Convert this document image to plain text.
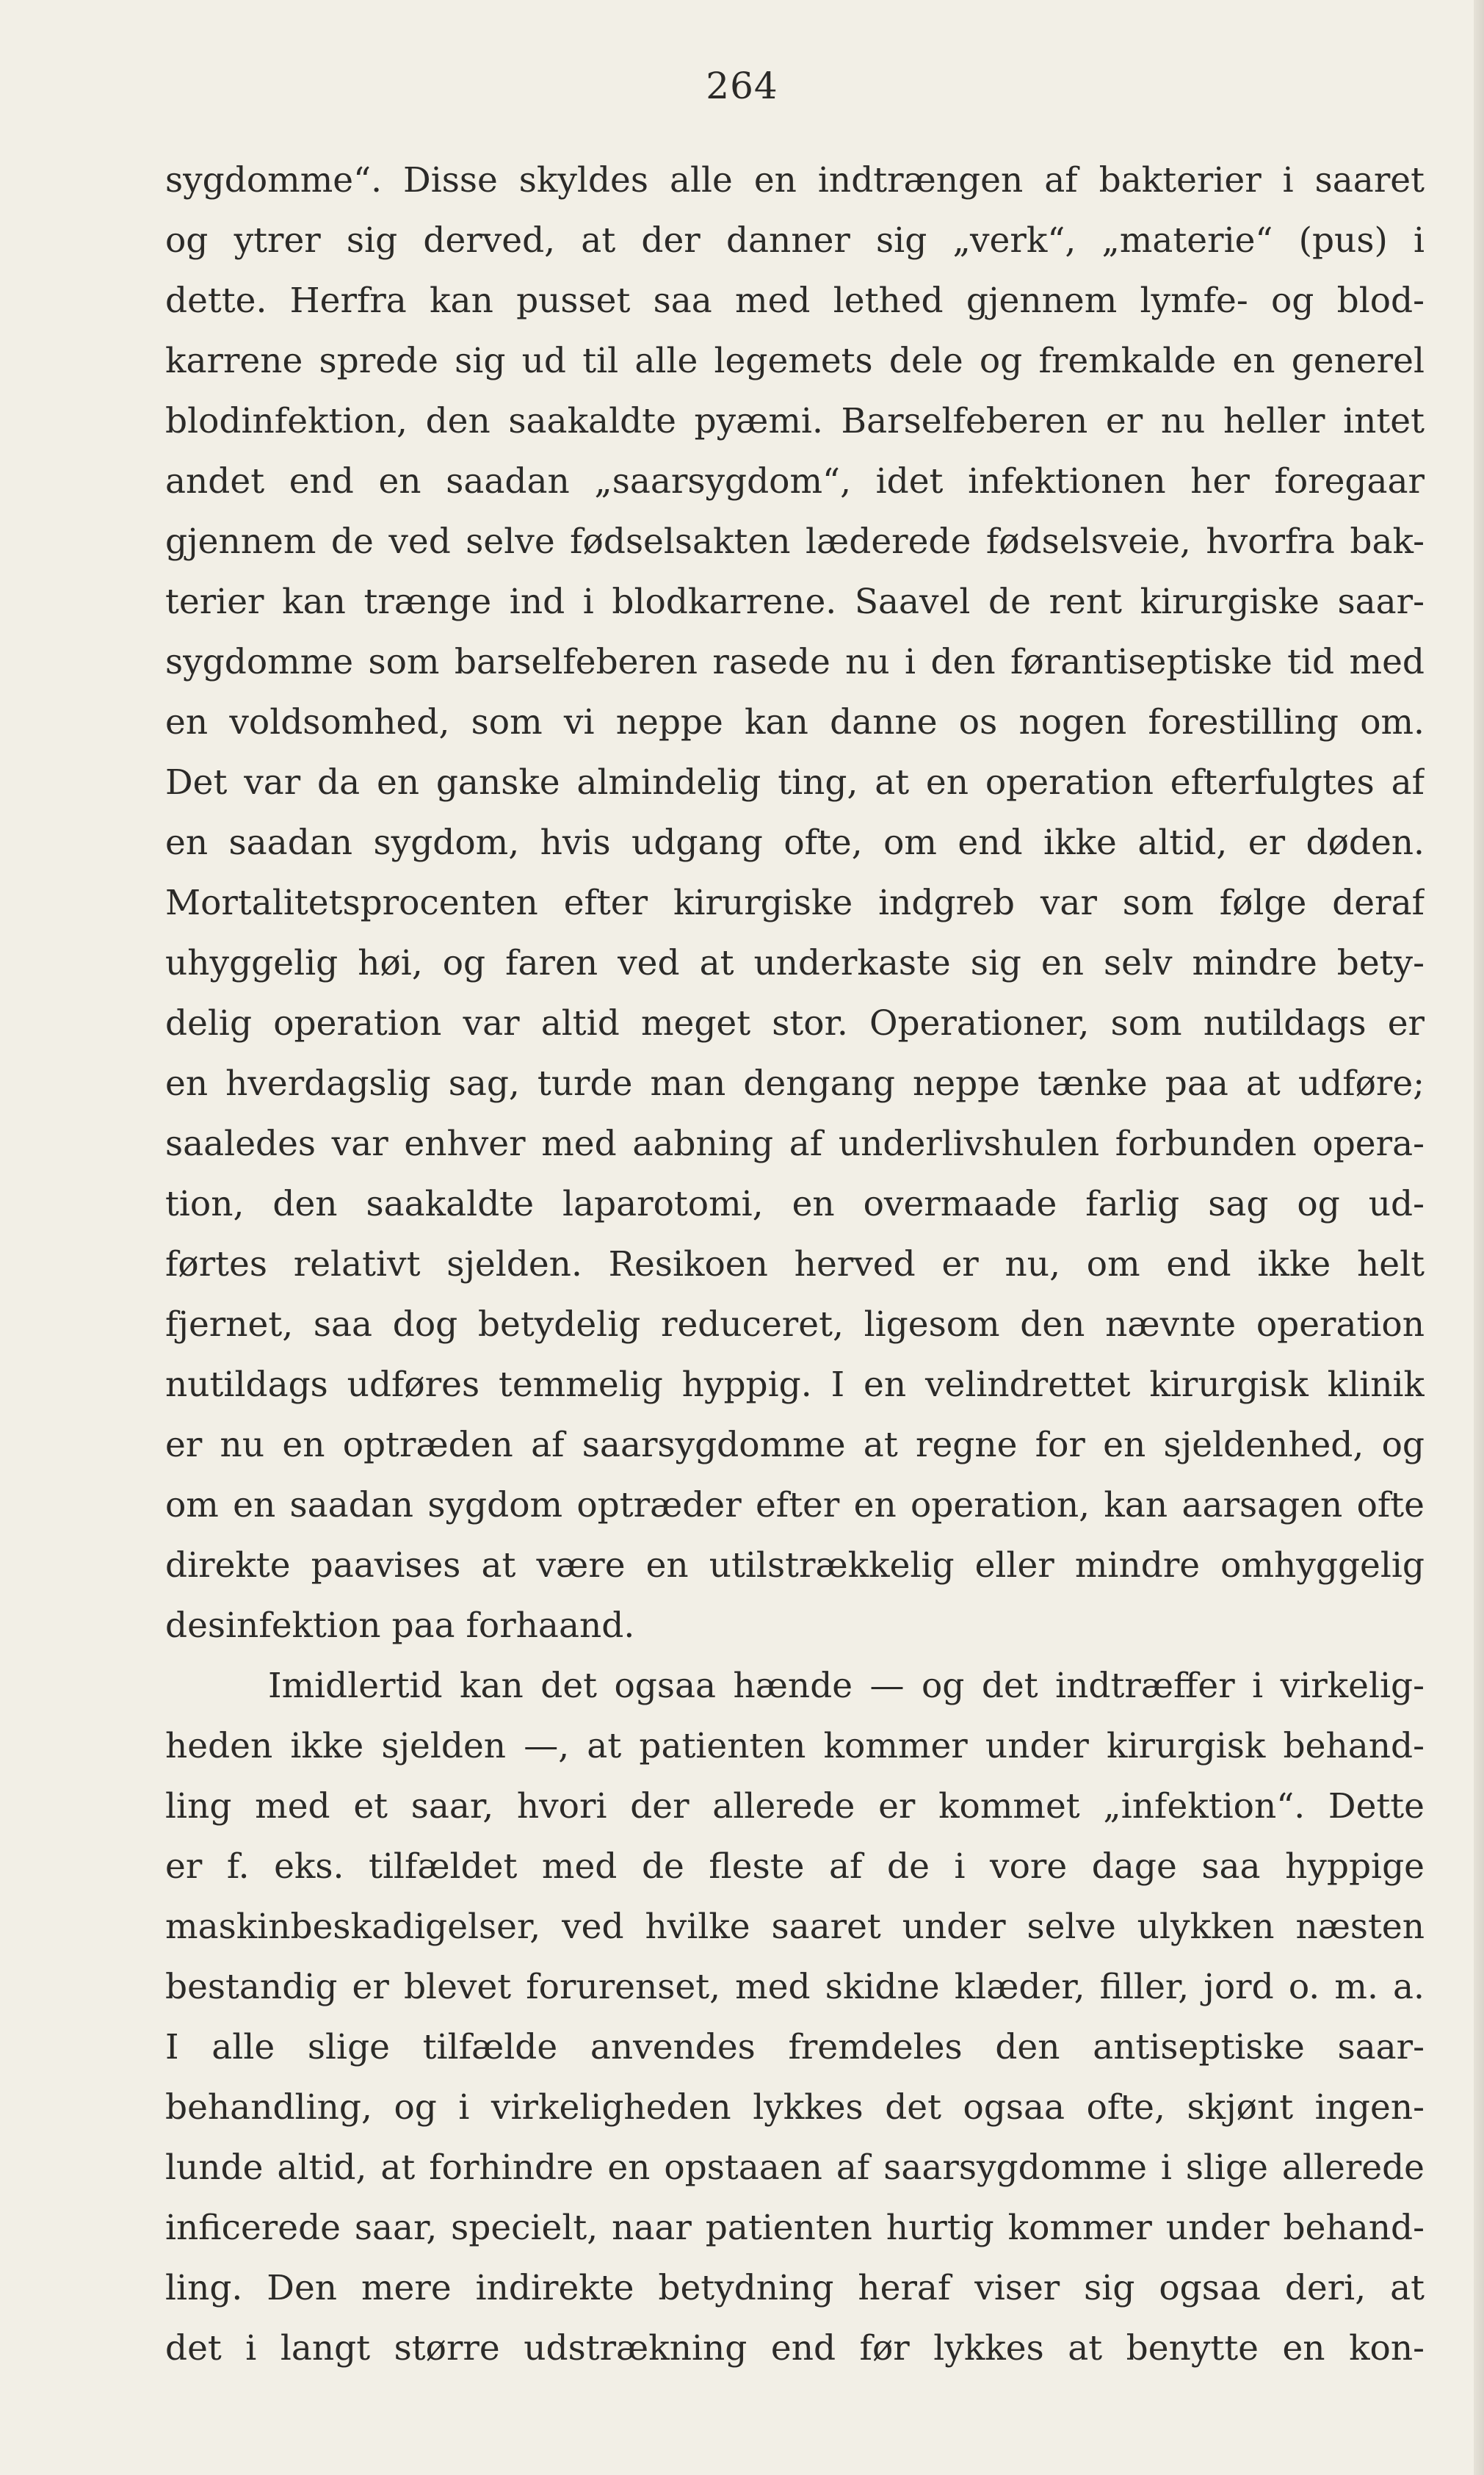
264
sygdomme“. Disse skyldes alle en indtrængen af bakterier i saaret
og ytrer sig derved, at der danner sig „verk“, „materie“ (pus) i
dette. Herfra kan pusset saa med lethed gjennem lymfe- og blod-
karrene sprede sig ud til alle legemets dele og fremkalde en generel
blodinfektion, den saakaldte pyæmi. Barselfeberen er nu heller intet
andet end en saadan „saarsygdom“, idet infektionen her foregaar
gjennem de ved selve fødselsakten læderede fødselsveie, hvorfra bak-
terier kan trænge ind i blodkarrene. Saavel de rent kirurgiske saar-
sygdomme som barselfeberen rasede nu i den førantiseptiske tid med
en voldsomhed, som vi neppe kan danne os nogen forestilling om.
Det var da en ganske almindelig ting, at en operation efterfulgtes af
en saadan sygdom, hvis udgang ofte, om end ikke altid, er døden.
Mortalitetsprocenten efter kirurgiske indgreb var som følge deraf
uhyggelig høi, og faren ved at underkaste sig en selv mindre bety-
delig operation var altid meget stor. Operationer, som nutildags er
en hverdagslig sag, turde man dengang neppe tænke paa at udføre;
saaledes var enhver med aabning af underlivshulen forbunden opera-
tion, den saakaldte laparotomi, en overmaade farlig sag og ud-
førtes relativt sjelden. Resikoen herved er nu, om end ikke helt
fjernet, saa dog betydelig reduceret, ligesom den nævnte operation
nutildags udføres temmelig hyppig. I en velindrettet kirurgisk klinik
er nu en optræden af saarsygdomme at regne for en sjeldenhed, og
om en saadan sygdom optræder efter en operation, kan aarsagen ofte
direkte paavises at være en utilstrækkelig eller mindre omhyggelig
desinfektion paa forhaand.
Imidlertid kan det ogsaa hænde — og det indtræffer i virkelig-
heden ikke sjelden —, at patienten kommer under kirurgisk behand-
ling med et saar, hvori der allerede er kommet „infektion“. Dette
er f. eks. tilfældet med de fleste af de i vore dage saa hyppige
maskinbeskadigelser, ved hvilke saaret under selve ulykken næsten
bestandig er blevet forurenset, med skidne klæder, filler, jord o. m. a.
I alle slige tilfælde anvendes fremdeles den antiseptiske saar-
behandling, og i virkeligheden lykkes det ogsaa ofte, skjønt ingen-
lunde altid, at forhindre en opstaaen af saarsygdomme i slige allerede
inficerede saar, specielt, naar patienten hurtig kommer under behand-
ling. Den mere indirekte betydning heraf viser sig ogsaa deri, at
det i langt større udstrækning end før lykkes at benytte en kon-
